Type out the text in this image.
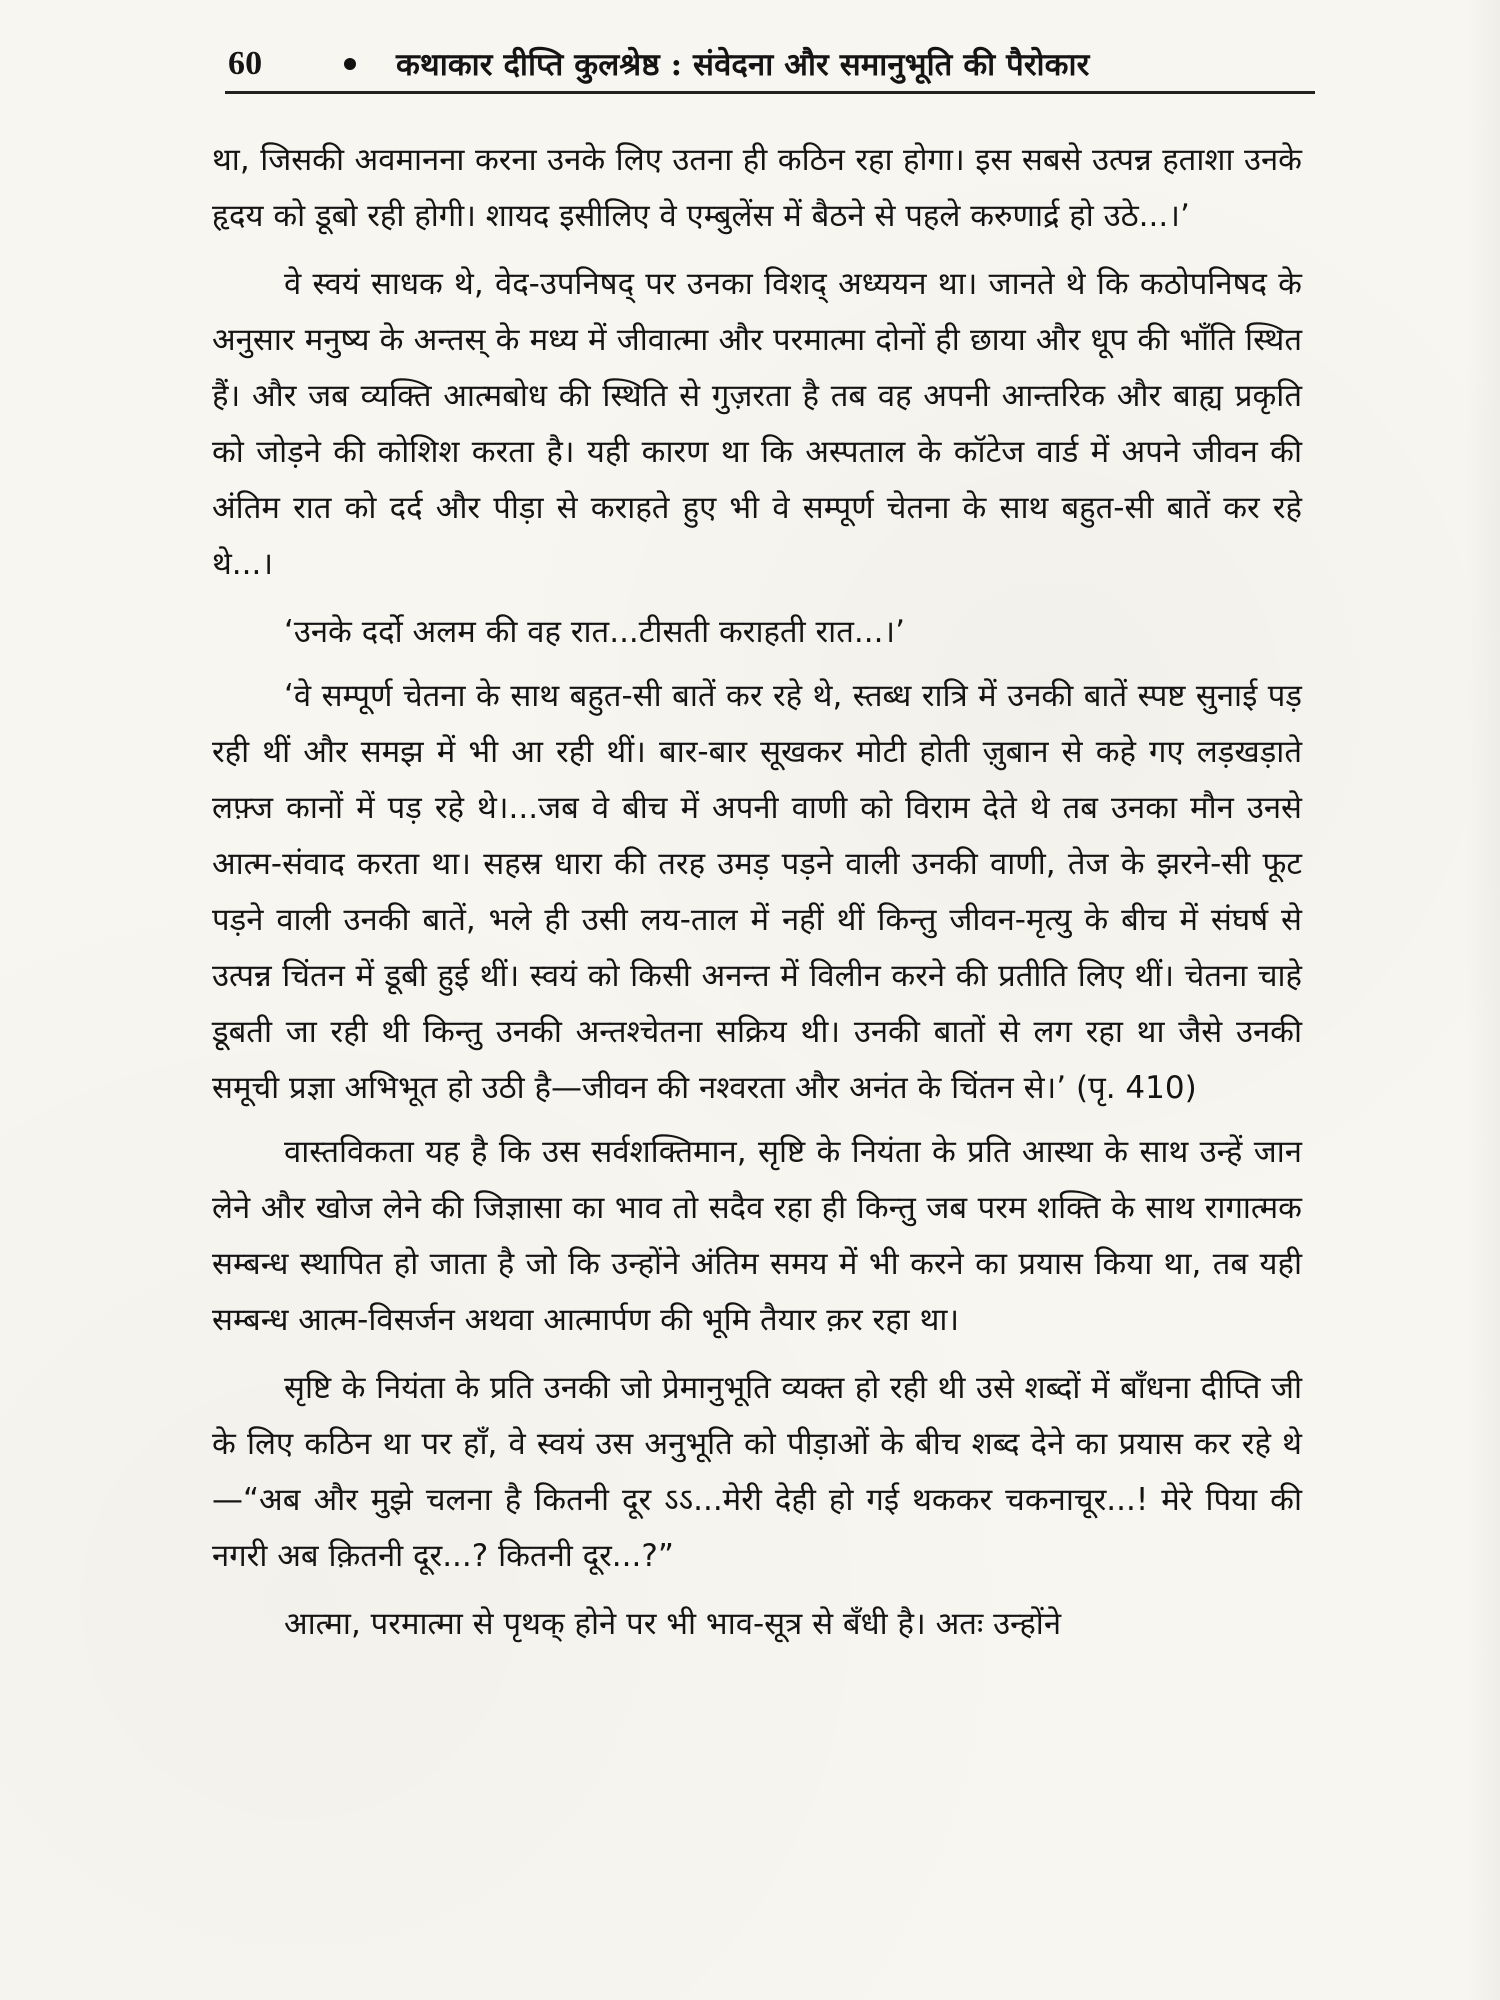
60	कथाकार दीप्ति कुलश्रेष्ठ : संवेदना और समानुभूति की पैरोकार

था, जिसकी अवमानना करना उनके लिए उतना ही कठिन रहा होगा। इस सबसे उत्पन्न हताशा उनके हृदय को डूबो रही होगी। शायद इसीलिए वे एम्बुलेंस में बैठने से पहले करुणार्द्र हो उठे...।’

वे स्वयं साधक थे, वेद-उपनिषद् पर उनका विशद् अध्ययन था। जानते थे कि कठोपनिषद के अनुसार मनुष्य के अन्तस् के मध्य में जीवात्मा और परमात्मा दोनों ही छाया और धूप की भाँति स्थित हैं। और जब व्यक्ति आत्मबोध की स्थिति से गुज़रता है तब वह अपनी आन्तरिक और बाह्य प्रकृति को जोड़ने की कोशिश करता है। यही कारण था कि अस्पताल के कॉटेज वार्ड में अपने जीवन की अंतिम रात को दर्द और पीड़ा से कराहते हुए भी वे सम्पूर्ण चेतना के साथ बहुत-सी बातें कर रहे थे...।

‘उनके दर्दो अलम की वह रात...टीसती कराहती रात...।’

‘वे सम्पूर्ण चेतना के साथ बहुत-सी बातें कर रहे थे, स्तब्ध रात्रि में उनकी बातें स्पष्ट सुनाई पड़ रही थीं और समझ में भी आ रही थीं। बार-बार सूखकर मोटी होती ज़ुबान से कहे गए लड़खड़ाते लफ़्ज कानों में पड़ रहे थे।...जब वे बीच में अपनी वाणी को विराम देते थे तब उनका मौन उनसे आत्म-संवाद करता था। सहस्र धारा की तरह उमड़ पड़ने वाली उनकी वाणी, तेज के झरने-सी फूट पड़ने वाली उनकी बातें, भले ही उसी लय-ताल में नहीं थीं किन्तु जीवन-मृत्यु के बीच में संघर्ष से उत्पन्न चिंतन में डूबी हुई थीं। स्वयं को किसी अनन्त में विलीन करने की प्रतीति लिए थीं। चेतना चाहे डूबती जा रही थी किन्तु उनकी अन्तश्चेतना सक्रिय थी। उनकी बातों से लग रहा था जैसे उनकी समूची प्रज्ञा अभिभूत हो उठी है—जीवन की नश्वरता और अनंत के चिंतन से।’ (पृ. 410)

वास्तविकता यह है कि उस सर्वशक्तिमान, सृष्टि के नियंता के प्रति आस्था के साथ उन्हें जान लेने और खोज लेने की जिज्ञासा का भाव तो सदैव रहा ही किन्तु जब परम शक्ति के साथ रागात्मक सम्बन्ध स्थापित हो जाता है जो कि उन्होंने अंतिम समय में भी करने का प्रयास किया था, तब यही सम्बन्ध आत्म-विसर्जन अथवा आत्मार्पण की भूमि तैयार क़र रहा था।

सृष्टि के नियंता के प्रति उनकी जो प्रेमानुभूति व्यक्त हो रही थी उसे शब्दों में बाँधना दीप्ति जी के लिए कठिन था पर हाँ, वे स्वयं उस अनुभूति को पीड़ाओं के बीच शब्द देने का प्रयास कर रहे थे—“अब और मुझे चलना है कितनी दूर ऽऽ...मेरी देही हो गई थककर चकनाचूर...! मेरे पिया की नगरी अब क़ितनी दूर...? कितनी दूर...?”

आत्मा, परमात्मा से पृथक् होने पर भी भाव-सूत्र से बँधी है। अतः उन्होंने
